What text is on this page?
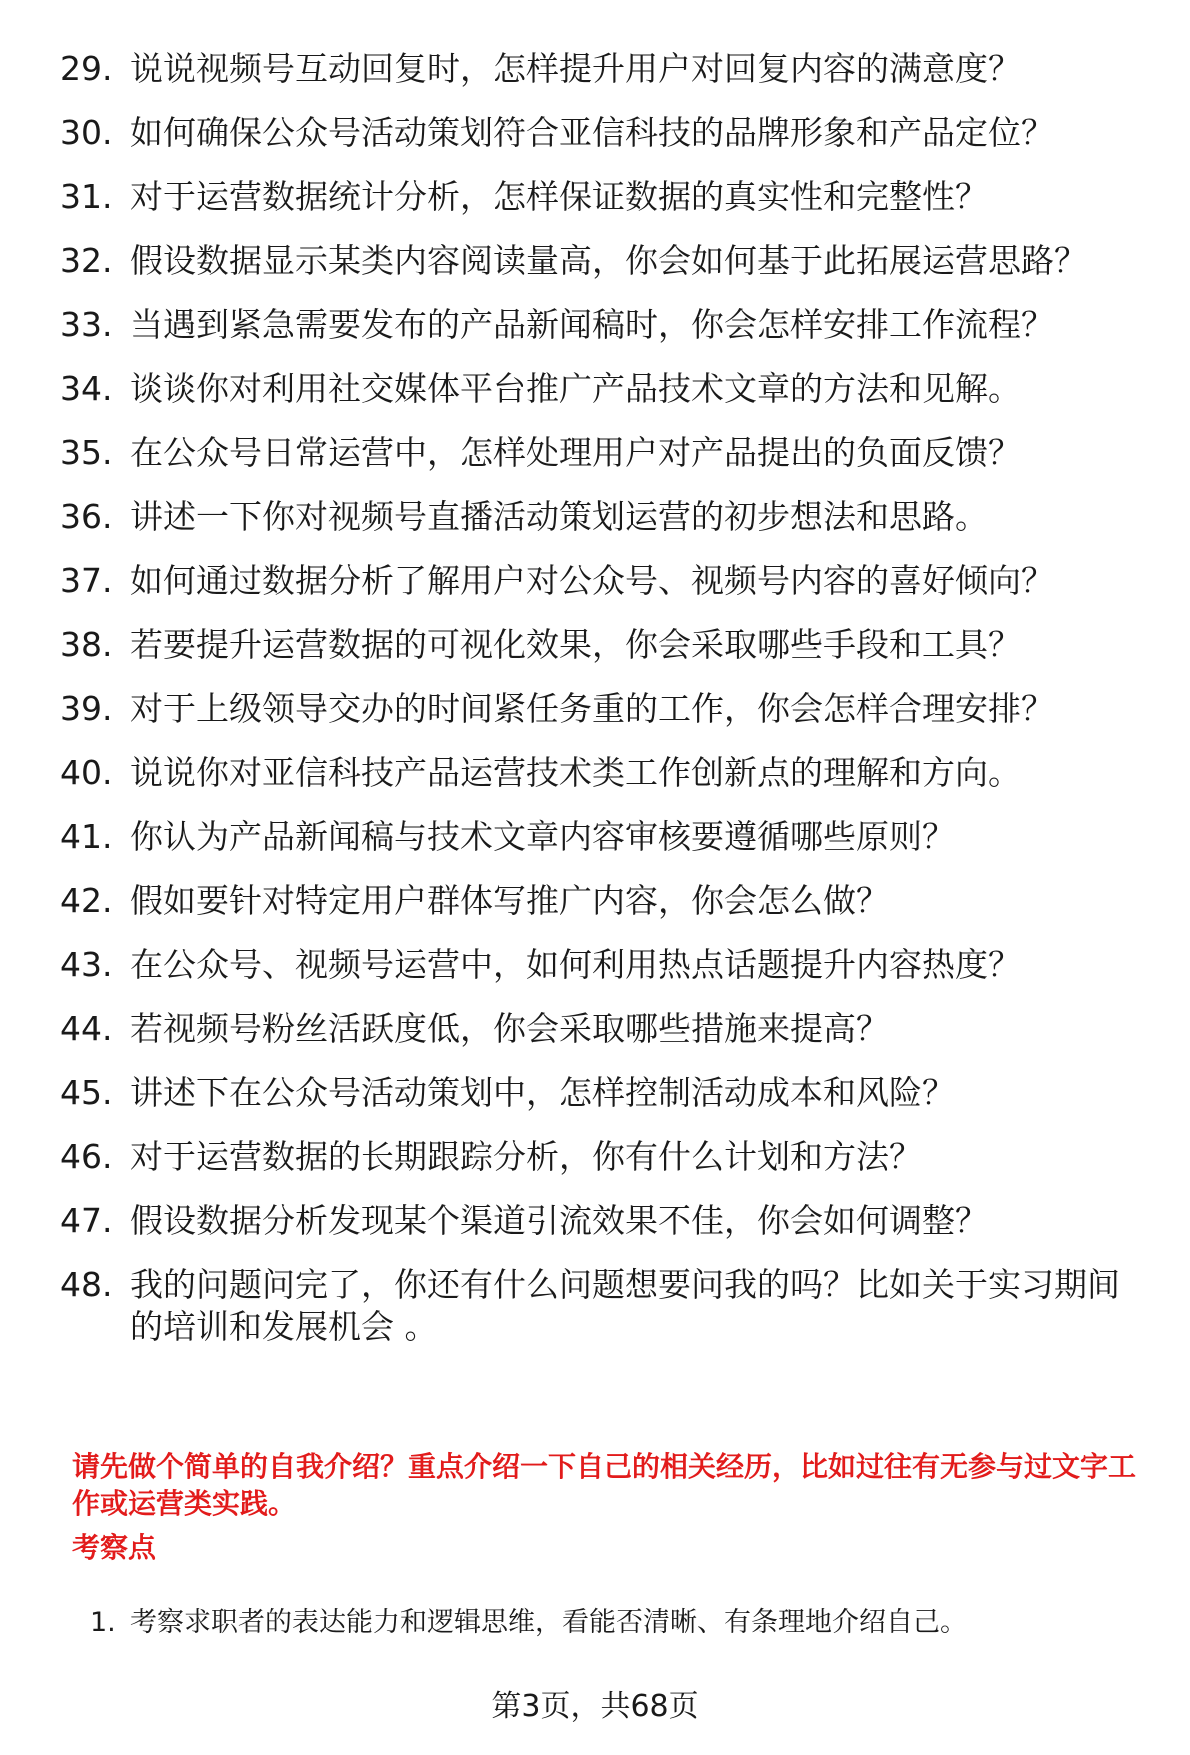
29. 说说视频号互动回复时，怎样提升用户对回复内容的满意度？
30. 如何确保公众号活动策划符合亚信科技的品牌形象和产品定位？
31. 对于运营数据统计分析，怎样保证数据的真实性和完整性？
32. 假设数据显示某类内容阅读量高，你会如何基于此拓展运营思路？
33. 当遇到紧急需要发布的产品新闻稿时，你会怎样安排工作流程？
34. 谈谈你对利用社交媒体平台推广产品技术文章的方法和见解。
35. 在公众号日常运营中，怎样处理用户对产品提出的负面反馈？
36. 讲述一下你对视频号直播活动策划运营的初步想法和思路。
37. 如何通过数据分析了解用户对公众号、视频号内容的喜好倾向？
38. 若要提升运营数据的可视化效果，你会采取哪些手段和工具？
39. 对于上级领导交办的时间紧任务重的工作，你会怎样合理安排？
40. 说说你对亚信科技产品运营技术类工作创新点的理解和方向。
41. 你认为产品新闻稿与技术文章内容审核要遵循哪些原则？
42. 假如要针对特定用户群体写推广内容，你会怎么做？
43. 在公众号、视频号运营中，如何利用热点话题提升内容热度？
44. 若视频号粉丝活跃度低，你会采取哪些措施来提高？
45. 讲述下在公众号活动策划中，怎样控制活动成本和风险？
46. 对于运营数据的长期跟踪分析，你有什么计划和方法？
47. 假设数据分析发现某个渠道引流效果不佳，你会如何调整？
48. 我的问题问完了，你还有什么问题想要问我的吗？比如关于实习期间的培训和发展机会 。
请先做个简单的自我介绍？重点介绍一下自己的相关经历，比如过往有无参与过文字工作或运营类实践。
考察点
1. 考察求职者的表达能力和逻辑思维，看能否清晰、有条理地介绍自己。
第3页，共68页
